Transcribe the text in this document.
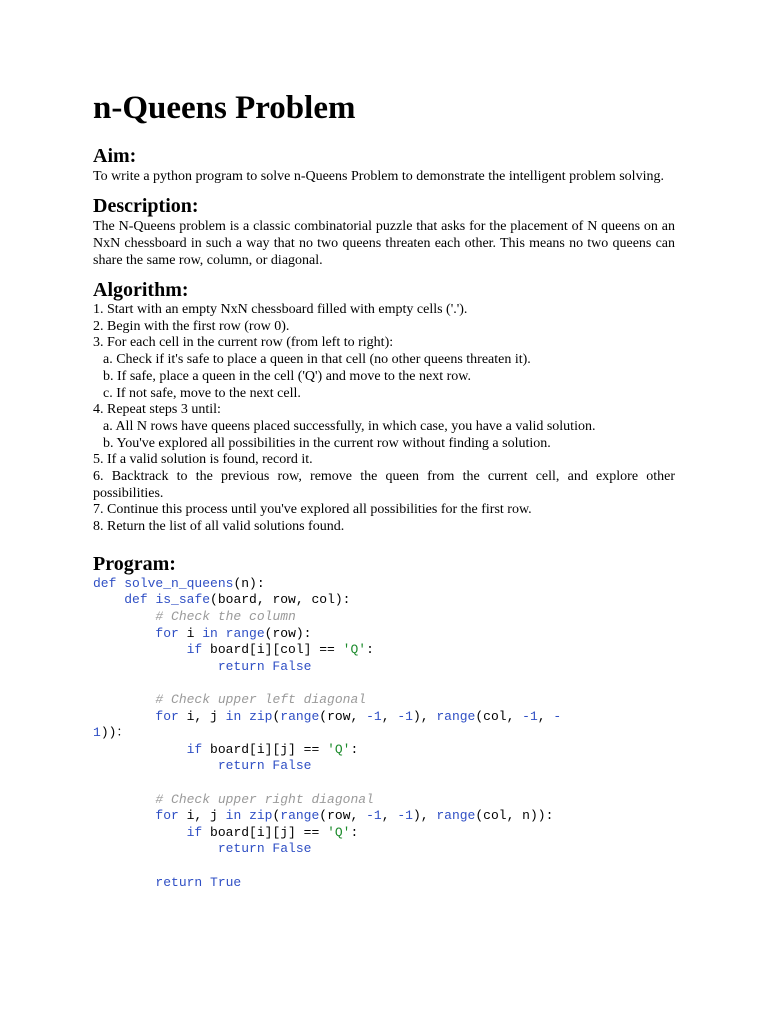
n-Queens Problem
Aim:

To write a python program to solve n-Queens Problem to demonstrate the intelligent problem solving.

Description:

The N-Queens problem is a classic combinatorial puzzle that asks for the placement of N queens on an NxN chessboard in such a way that no two queens threaten each other. This means no two queens can share the same row, column, or diagonal.

Algorithm:
1. Start with an empty NxN chessboard filled with empty cells ('.').
2. Begin with the first row (row 0).
3. For each cell in the current row (from left to right):
a. Check if it's safe to place a queen in that cell (no other queens threaten it).
b. If safe, place a queen in the cell ('Q') and move to the next row.
c. If not safe, move to the next cell.
4. Repeat steps 3 until:
a. All N rows have queens placed successfully, in which case, you have a valid solution.
b. You've explored all possibilities in the current row without finding a solution.
5. If a valid solution is found, record it.
6. Backtrack to the previous row, remove the queen from the current cell, and explore other possibilities.
7. Continue this process until you've explored all possibilities for the first row.
8. Return the list of all valid solutions found.
Program:
def solve_n_queens(n):
def is_safe(board, row, col):
# Check the column
for i in range(row):
if board[i][col] == 'Q':
return False
# Check upper left diagonal
for i, j in zip(range(row, -1, -1), range(col, -1, -
1))：
if board[i][j] == 'Q':
return False
# Check upper right diagonal
for i, j in zip(range(row, -1, -1), range(col, n)):
if board[i][j] == 'Q':
return False
return True
